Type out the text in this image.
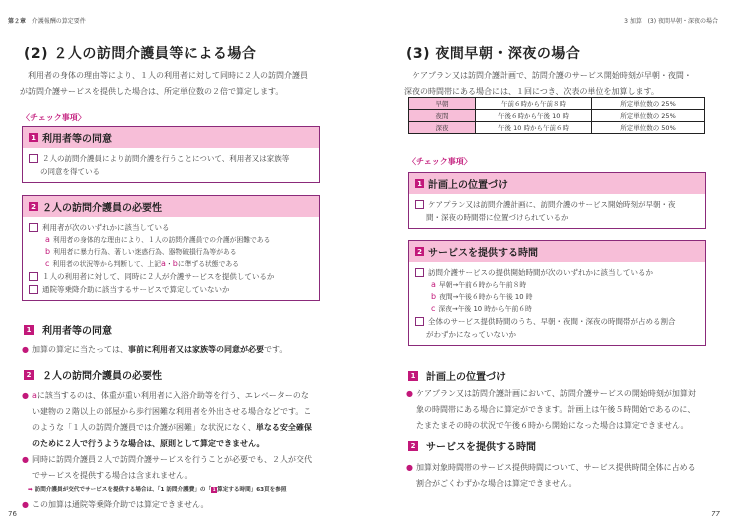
第２章 介護報酬の算定要件
(2) ２人の訪問介護員等による場合
利用者の身体の理由等により、１人の利用者に対して同時に２人の訪問介護員
が訪問介護サービスを提供した場合は、所定単位数の２倍で算定します。
〈チェック事項〉
1 利用者等の同意
２人の訪問介護員により訪問介護を行うことについて、利用者又は家族等
の同意を得ている
2 ２人の訪問介護員の必要性
利用者が次のいずれかに該当している
a 利用者の身体的な理由により、１人の訪問介護員での介護が困難である
b 利用者に暴力行為、著しい迷惑行為、器物破損行為等がある
c 利用者の状況等から判断して、上記a・bに準ずる状態である
１人の利用者に対して、同時に２人が介護サービスを提供しているか
通院等乗降介助に該当するサービスで算定していないか
1 利用者等の同意
● 加算の算定に当たっては、事前に利用者又は家族等の同意が必要です。
2 ２人の訪問介護員の必要性
● aに該当するのは、体重が重い利用者に入浴介助等を行う、エレベーターのな
い建物の２階以上の部屋から歩行困難な利用者を外出させる場合などです。こ
のような「１人の訪問介護員では介護が困難」な状況になく、単なる安全確保
のために２人で行うような場合は、原則として算定できません。
● 同時に訪問介護員２人で訪問介護サービスを行うことが必要でも、２人が交代
でサービスを提供する場合は含まれません。
➡ 訪問介護員が交代でサービスを提供する場合は、「1 訪問介護費」の「 1 算定する時間」63頁を参照
● この加算は通院等乗降介助では算定できません。
76
3 加算 (3) 夜間早朝・深夜の場合
(3) 夜間早朝・深夜の場合
ケアプラン又は訪問介護計画で、訪問介護のサービス開始時刻が早朝・夜間・
深夜の時間帯にある場合には、１回につき、次表の単位を加算します。
早朝	午前６時から午前８時	所定単位数の 25%
夜間	午後６時から午後 10 時	所定単位数の 25%
深夜	午後 10 時から午前６時	所定単位数の 50%
〈チェック事項〉
1 計画上の位置づけ
ケアプラン又は訪問介護計画に、訪問介護のサービス開始時刻が早朝・夜
間・深夜の時間帯に位置づけられているか
2 サービスを提供する時間
訪問介護サービスの提供開始時間が次のいずれかに該当しているか
a 早朝→午前６時から午前８時
b 夜間→午後６時から午後 10 時
c 深夜→午後 10 時から午前６時
全体のサービス提供時間のうち、早朝・夜間・深夜の時間帯が占める割合
がわずかになっていないか
1 計画上の位置づけ
● ケアプラン又は訪問介護計画において、訪問介護サービスの開始時刻が加算対
象の時間帯にある場合に算定ができます。計画上は午後５時開始であるのに、
たまたまその時の状況で午後６時から開始になった場合は算定できません。
2 サービスを提供する時間
● 加算対象時間帯のサービス提供時間について、サービス提供時間全体に占める
割合がごくわずかな場合は算定できません。
77
